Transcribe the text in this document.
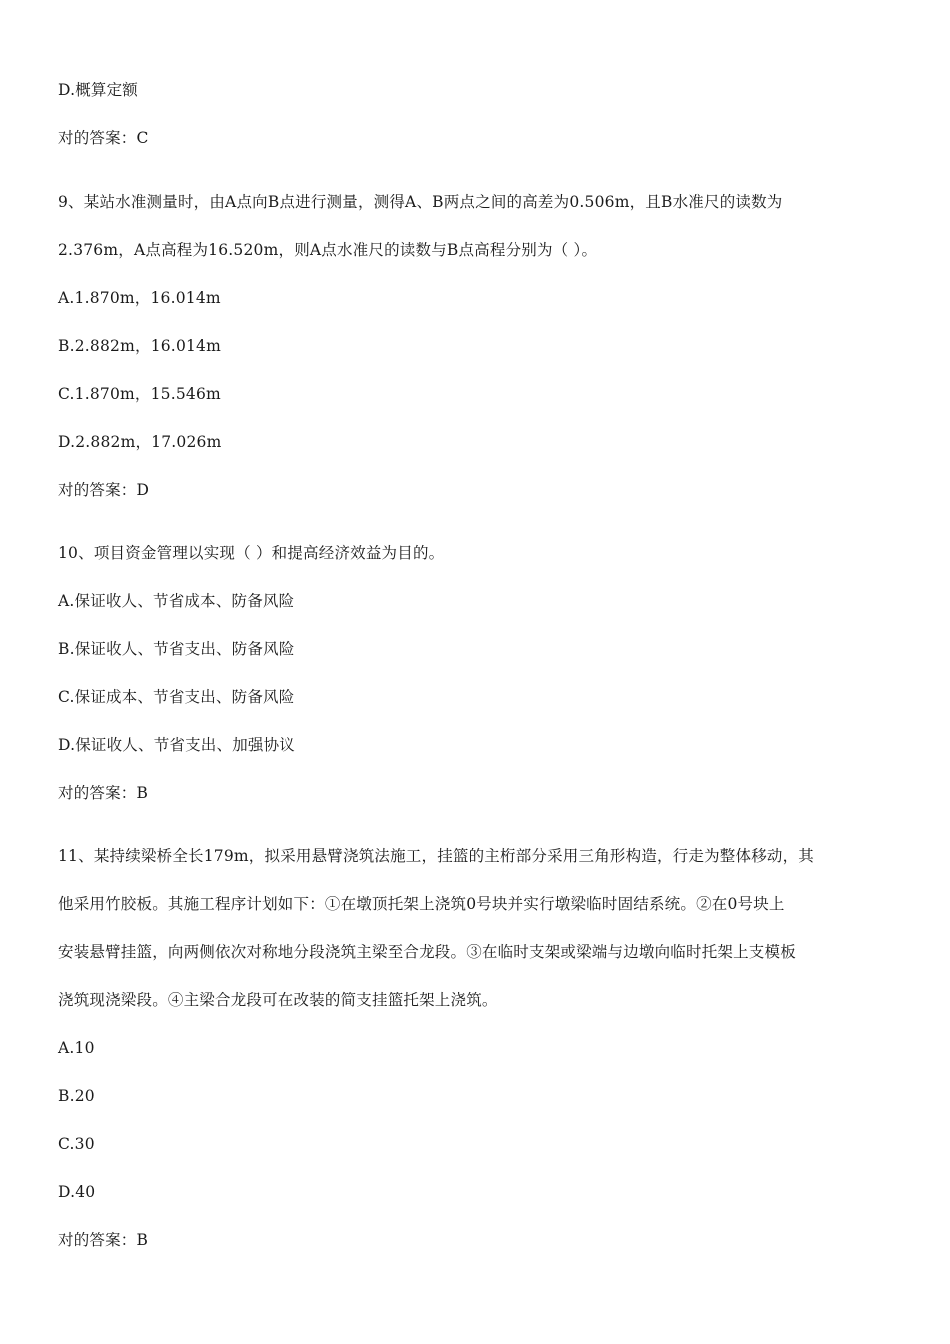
D.概算定额
对的答案：C
9、某站水准测量时，由A点向B点进行测量，测得A、B两点之间的高差为0.506m，且B水准尺的读数为
2.376m，A点高程为16.520m，则A点水准尺的读数与B点高程分别为（ ）。
A.1.870m，16.014m
B.2.882m，16.014m
C.1.870m，15.546m
D.2.882m，17.026m
对的答案：D
10、项目资金管理以实现（ ）和提高经济效益为目的。
A.保证收人、节省成本、防备风险
B.保证收人、节省支出、防备风险
C.保证成本、节省支出、防备风险
D.保证收人、节省支出、加强协议
对的答案：B
11、某持续梁桥全长179m，拟采用悬臂浇筑法施工，挂篮的主桁部分采用三角形构造，行走为整体移动，其
他采用竹胶板。其施工程序计划如下：①在墩顶托架上浇筑0号块并实行墩梁临时固结系统。②在0号块上
安装悬臂挂篮，向两侧依次对称地分段浇筑主梁至合龙段。③在临时支架或梁端与边墩向临时托架上支模板
浇筑现浇梁段。④主梁合龙段可在改装的简支挂篮托架上浇筑。
A.10
B.20
C.30
D.40
对的答案：B
